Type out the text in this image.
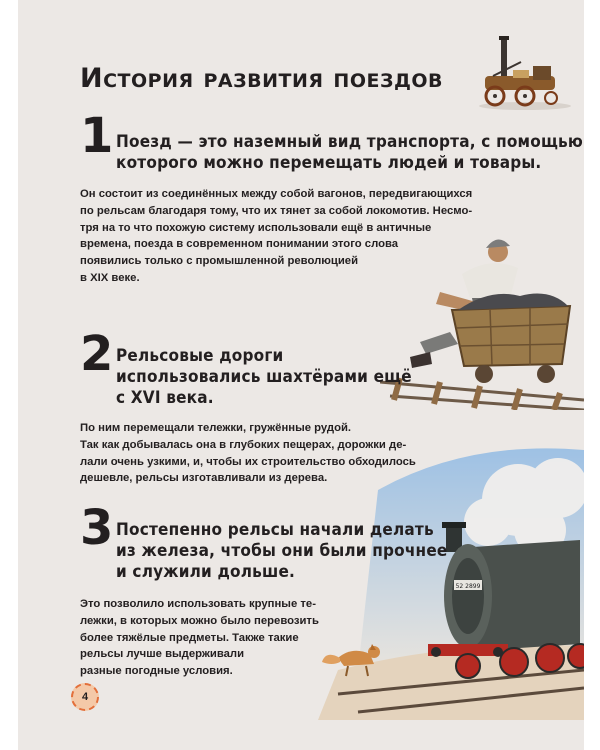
История развития поездов
1 Поезд — это наземный вид транспорта, с помощью
которого можно перемещать людей и товары.
Он состоит из соединённых между собой вагонов, передвигающихся
по рельсам благодаря тому, что их тянет за собой локомотив. Несмо-
тря на то что похожую систему использовали ещё в античные
времена, поезда в современном понимании этого слова
появились только с промышленной революцией
в XIX веке.
2 Рельсовые дороги
использовались шахтёрами ещё
с XVI века.
По ним перемещали тележки, гружённые рудой.
Так как добывалась она в глубоких пещерах, дорожки де-
лали очень узкими, и, чтобы их строительство обходилось
дешевле, рельсы изготавливали из дерева.
52 2899
3 Постепенно рельсы начали делать
из железа, чтобы они были прочнее
и служили дольше.
Это позволило использовать крупные те-
лежки, в которых можно было перевозить
более тяжёлые предметы. Также такие
рельсы лучше выдерживали
разные погодные условия.
4
